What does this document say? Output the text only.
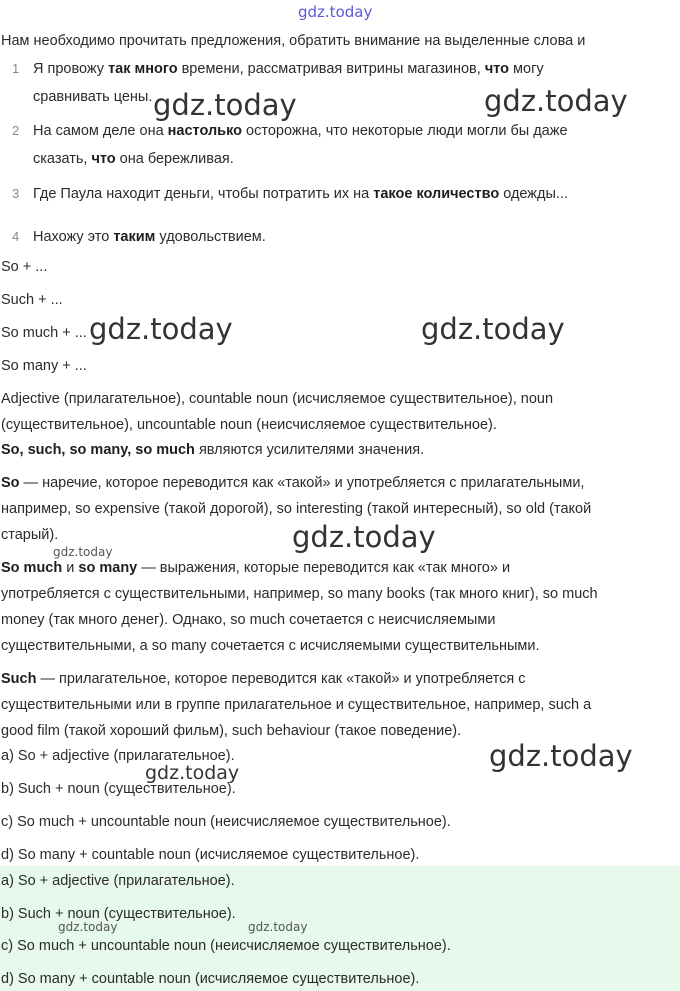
gdz.today
Нам необходимо прочитать предложения, обратить внимание на выделенные слова и
1 Я провожу так много времени, рассматривая витрины магазинов, что могу
сравнивать цены.
2 На самом деле она настолько осторожна, что некоторые люди могли бы даже
сказать, что она бережливая.
3 Где Паула находит деньги, чтобы потратить их на такое количество одежды...
4 Нахожу это таким удовольствием.
So + ...
Such + ...
So much + ...
So many + ...
Adjective (прилагательное), countable noun (исчисляемое существительное), noun
(существительное), uncountable noun (неисчисляемое существительное).
So, such, so many, so much являются усилителями значения.
So — наречие, которое переводится как «такой» и употребляется с прилагательными,
например, so expensive (такой дорогой), so interesting (такой интересный), so old (такой
старый).
So much и so many — выражения, которые переводится как «так много» и
употребляется с существительными, например, so many books (так много книг), so much
money (так много денег). Однако, so much сочетается с неисчисляемыми
существительными, а so many сочетается с исчисляемыми существительными.
Such — прилагательное, которое переводится как «такой» и употребляется с
существительными или в группе прилагательное и существительное, например, such a
good film (такой хороший фильм), such behaviour (такое поведение).
a) So + adjective (прилагательное).
b) Such + noun (существительное).
c) So much + uncountable noun (неисчисляемое существительное).
d) So many + countable noun (исчисляемое существительное).
a) So + adjective (прилагательное).
b) Such + noun (существительное).
c) So much + uncountable noun (неисчисляемое существительное).
d) So many + countable noun (исчисляемое существительное).
gdz.today	gdz.today
gdz.today	gdz.today
gdz.today
gdz.today
gdz.today
gdz.today
gdz.today	gdz.today
